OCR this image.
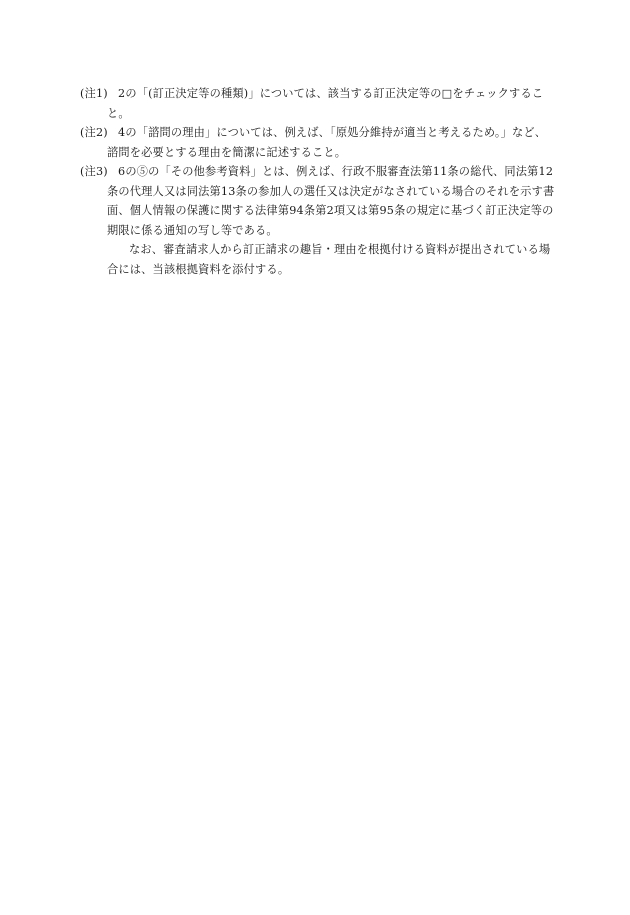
(注1) 2の「(訂正決定等の種類)」については、該当する訂正決定等の□をチェックすること。
(注2) 4の「諮問の理由」については、例えば、「原処分維持が適当と考えるため。」など、諮問を必要とする理由を簡潔に記述すること。
(注3) 6の⑤の「その他参考資料」とは、例えば、行政不服審査法第11条の総代、同法第12条の代理人又は同法第13条の参加人の選任又は決定がなされている場合のそれを示す書面、個人情報の保護に関する法律第94条第2項又は第95条の規定に基づく訂正決定等の期限に係る通知の写し等である。
なお、審査請求人から訂正請求の趣旨・理由を根拠付ける資料が提出されている場合には、当該根拠資料を添付する。
